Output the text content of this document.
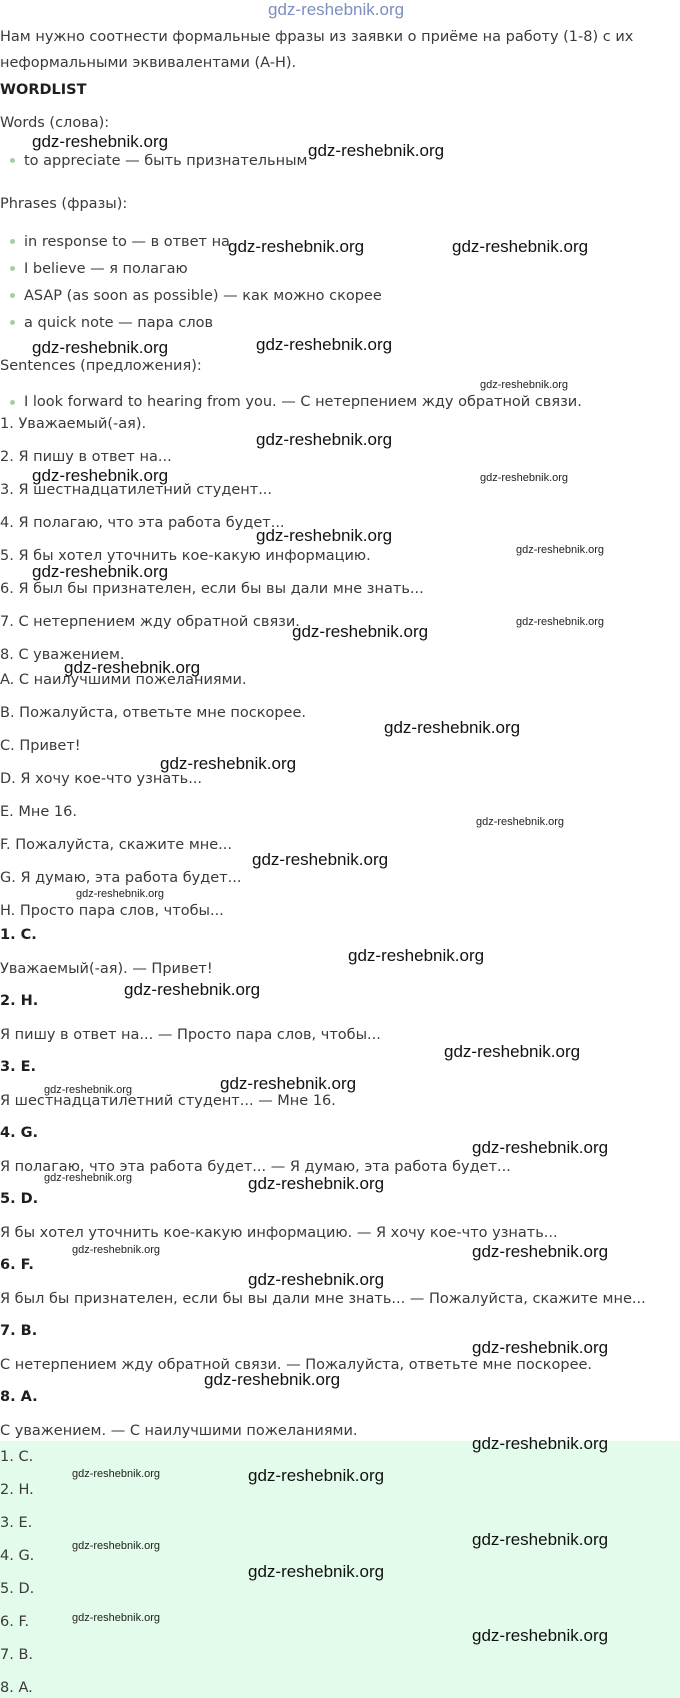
Нам нужно соотнести формальные фразы из заявки о приёме на работу (1-8) с их
неформальными эквивалентами (A-H).
WORDLIST
Words (слова):
to appreciate — быть признательным
Phrases (фразы):
in response to — в ответ на
I believe — я полагаю
ASAP (as soon as possible) — как можно скорее
a quick note — пара слов
Sentences (предложения):
I look forward to hearing from you. — С нетерпением жду обратной связи.
1. Уважаемый(-ая).
2. Я пишу в ответ на...
3. Я шестнадцатилетний студент...
4. Я полагаю, что эта работа будет...
5. Я бы хотел уточнить кое-какую информацию.
6. Я был бы признателен, если бы вы дали мне знать...
7. С нетерпением жду обратной связи.
8. С уважением.
A. С наилучшими пожеланиями.
B. Пожалуйста, ответьте мне поскорее.
C. Привет!
D. Я хочу кое-что узнать...
E. Мне 16.
F. Пожалуйста, скажите мне...
G. Я думаю, эта работа будет...
H. Просто пара слов, чтобы...
1. C.
Уважаемый(-ая). — Привет!
2. H.
Я пишу в ответ на... — Просто пара слов, чтобы...
3. E.
Я шестнадцатилетний студент... — Мне 16.
4. G.
Я полагаю, что эта работа будет... — Я думаю, эта работа будет...
5. D.
Я бы хотел уточнить кое-какую информацию. — Я хочу кое-что узнать...
6. F.
Я был бы признателен, если бы вы дали мне знать... — Пожалуйста, скажите мне...
7. B.
С нетерпением жду обратной связи. — Пожалуйста, ответьте мне поскорее.
8. A.
С уважением. — С наилучшими пожеланиями.
1. C.
2. H.
3. E.
4. G.
5. D.
6. F.
7. B.
8. A.
gdz-reshebnik.org
gdz-reshebnik.org	gdz-reshebnik.org
gdz-reshebnik.org	gdz-reshebnik.org
gdz-reshebnik.org	gdz-reshebnik.org
gdz-reshebnik.org
gdz-reshebnik.org
gdz-reshebnik.org	gdz-reshebnik.org
gdz-reshebnik.org
gdz-reshebnik.org
gdz-reshebnik.org
gdz-reshebnik.org	gdz-reshebnik.org
gdz-reshebnik.org
gdz-reshebnik.org
gdz-reshebnik.org
gdz-reshebnik.org
gdz-reshebnik.org
gdz-reshebnik.org
gdz-reshebnik.org
gdz-reshebnik.org
gdz-reshebnik.org
gdz-reshebnik.org	gdz-reshebnik.org
gdz-reshebnik.org
gdz-reshebnik.org	gdz-reshebnik.org
gdz-reshebnik.org	gdz-reshebnik.org
gdz-reshebnik.org
gdz-reshebnik.org
gdz-reshebnik.org
gdz-reshebnik.org
gdz-reshebnik.org	gdz-reshebnik.org
gdz-reshebnik.org	gdz-reshebnik.org
gdz-reshebnik.org
gdz-reshebnik.org
gdz-reshebnik.org
